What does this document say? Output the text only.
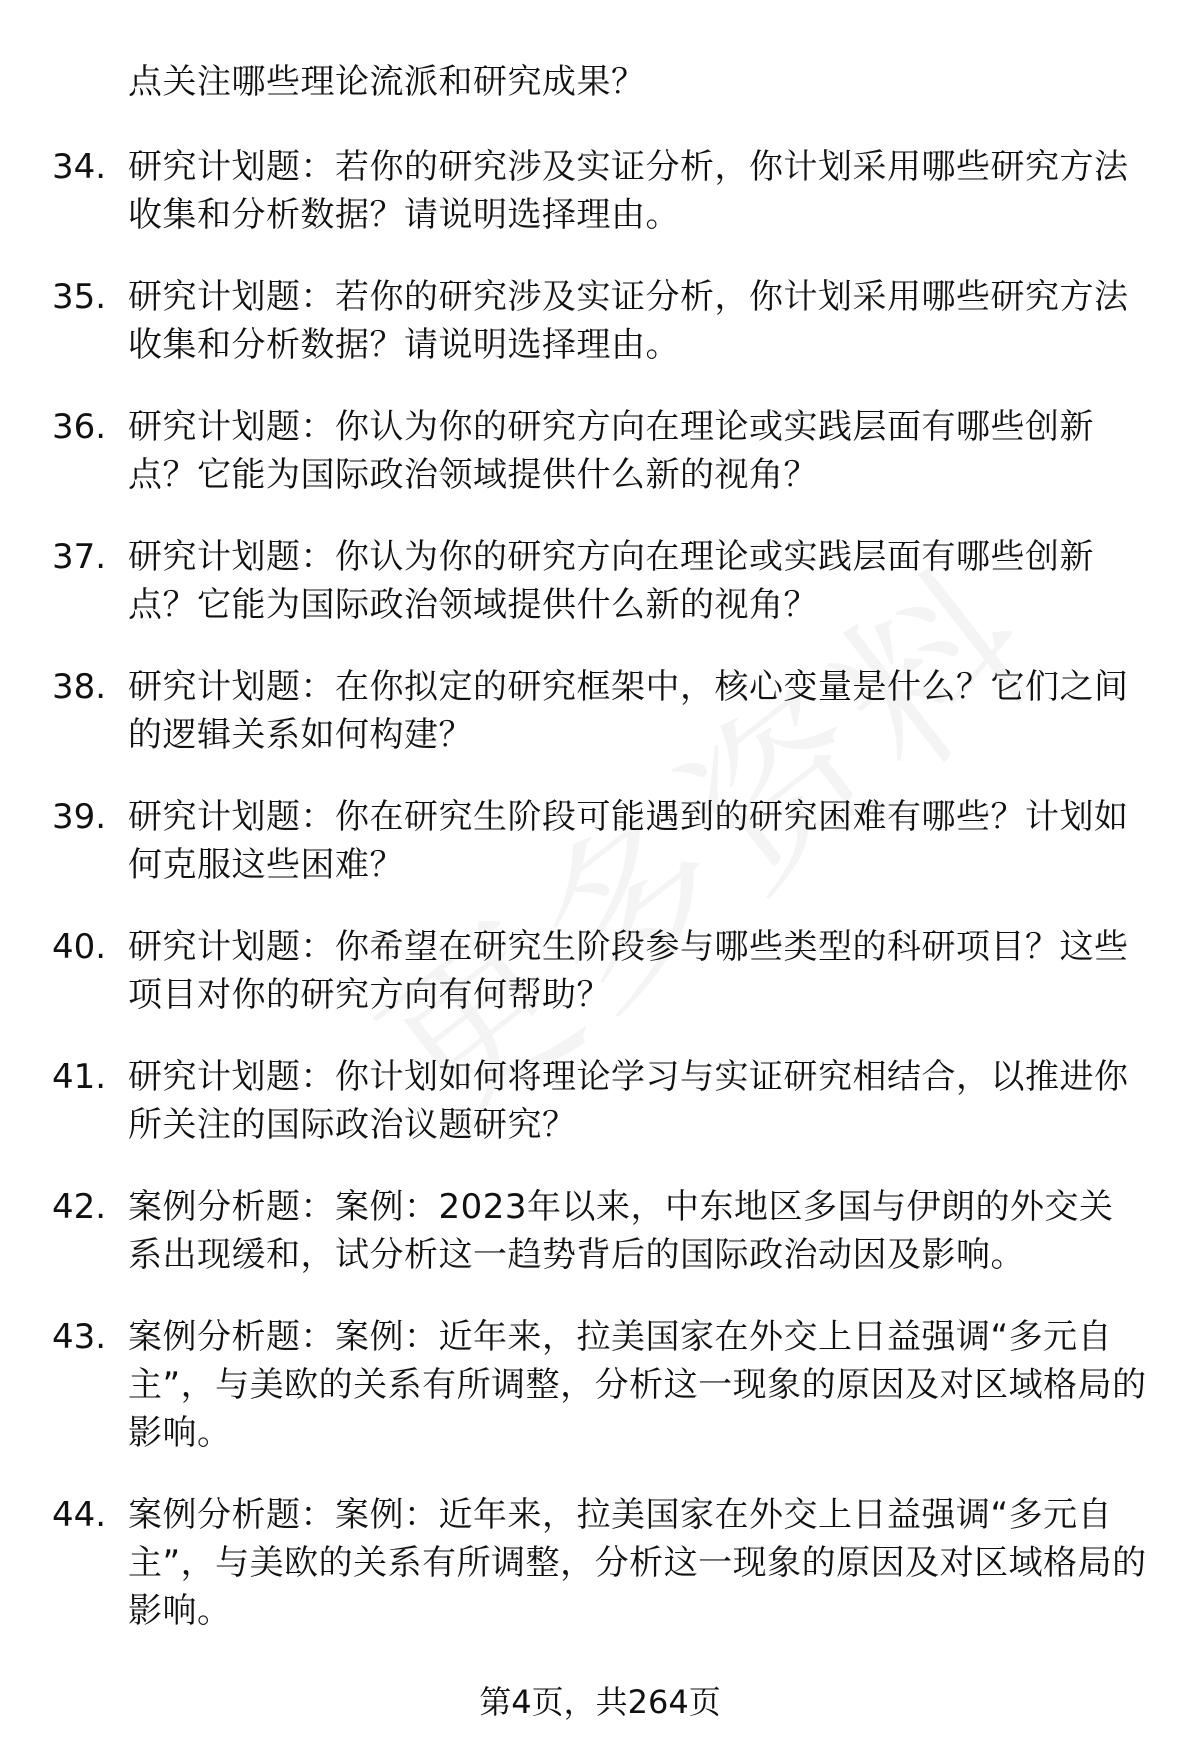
点关注哪些理论流派和研究成果？
34. 研究计划题：若你的研究涉及实证分析，你计划采用哪些研究方法收集和分析数据？请说明选择理由。
35. 研究计划题：若你的研究涉及实证分析，你计划采用哪些研究方法收集和分析数据？请说明选择理由。
36. 研究计划题：你认为你的研究方向在理论或实践层面有哪些创新点？它能为国际政治领域提供什么新的视角？
37. 研究计划题：你认为你的研究方向在理论或实践层面有哪些创新点？它能为国际政治领域提供什么新的视角？
38. 研究计划题：在你拟定的研究框架中，核心变量是什么？它们之间的逻辑关系如何构建？
39. 研究计划题：你在研究生阶段可能遇到的研究困难有哪些？计划如何克服这些困难？
40. 研究计划题：你希望在研究生阶段参与哪些类型的科研项目？这些项目对你的研究方向有何帮助？
41. 研究计划题：你计划如何将理论学习与实证研究相结合，以推进你所关注的国际政治议题研究？
42. 案例分析题：案例：2023年以来，中东地区多国与伊朗的外交关系出现缓和，试分析这一趋势背后的国际政治动因及影响。
43. 案例分析题：案例：近年来，拉美国家在外交上日益强调“多元自主”，与美欧的关系有所调整，分析这一现象的原因及对区域格局的影响。
44. 案例分析题：案例：近年来，拉美国家在外交上日益强调“多元自主”，与美欧的关系有所调整，分析这一现象的原因及对区域格局的影响。
第4页，共264页
